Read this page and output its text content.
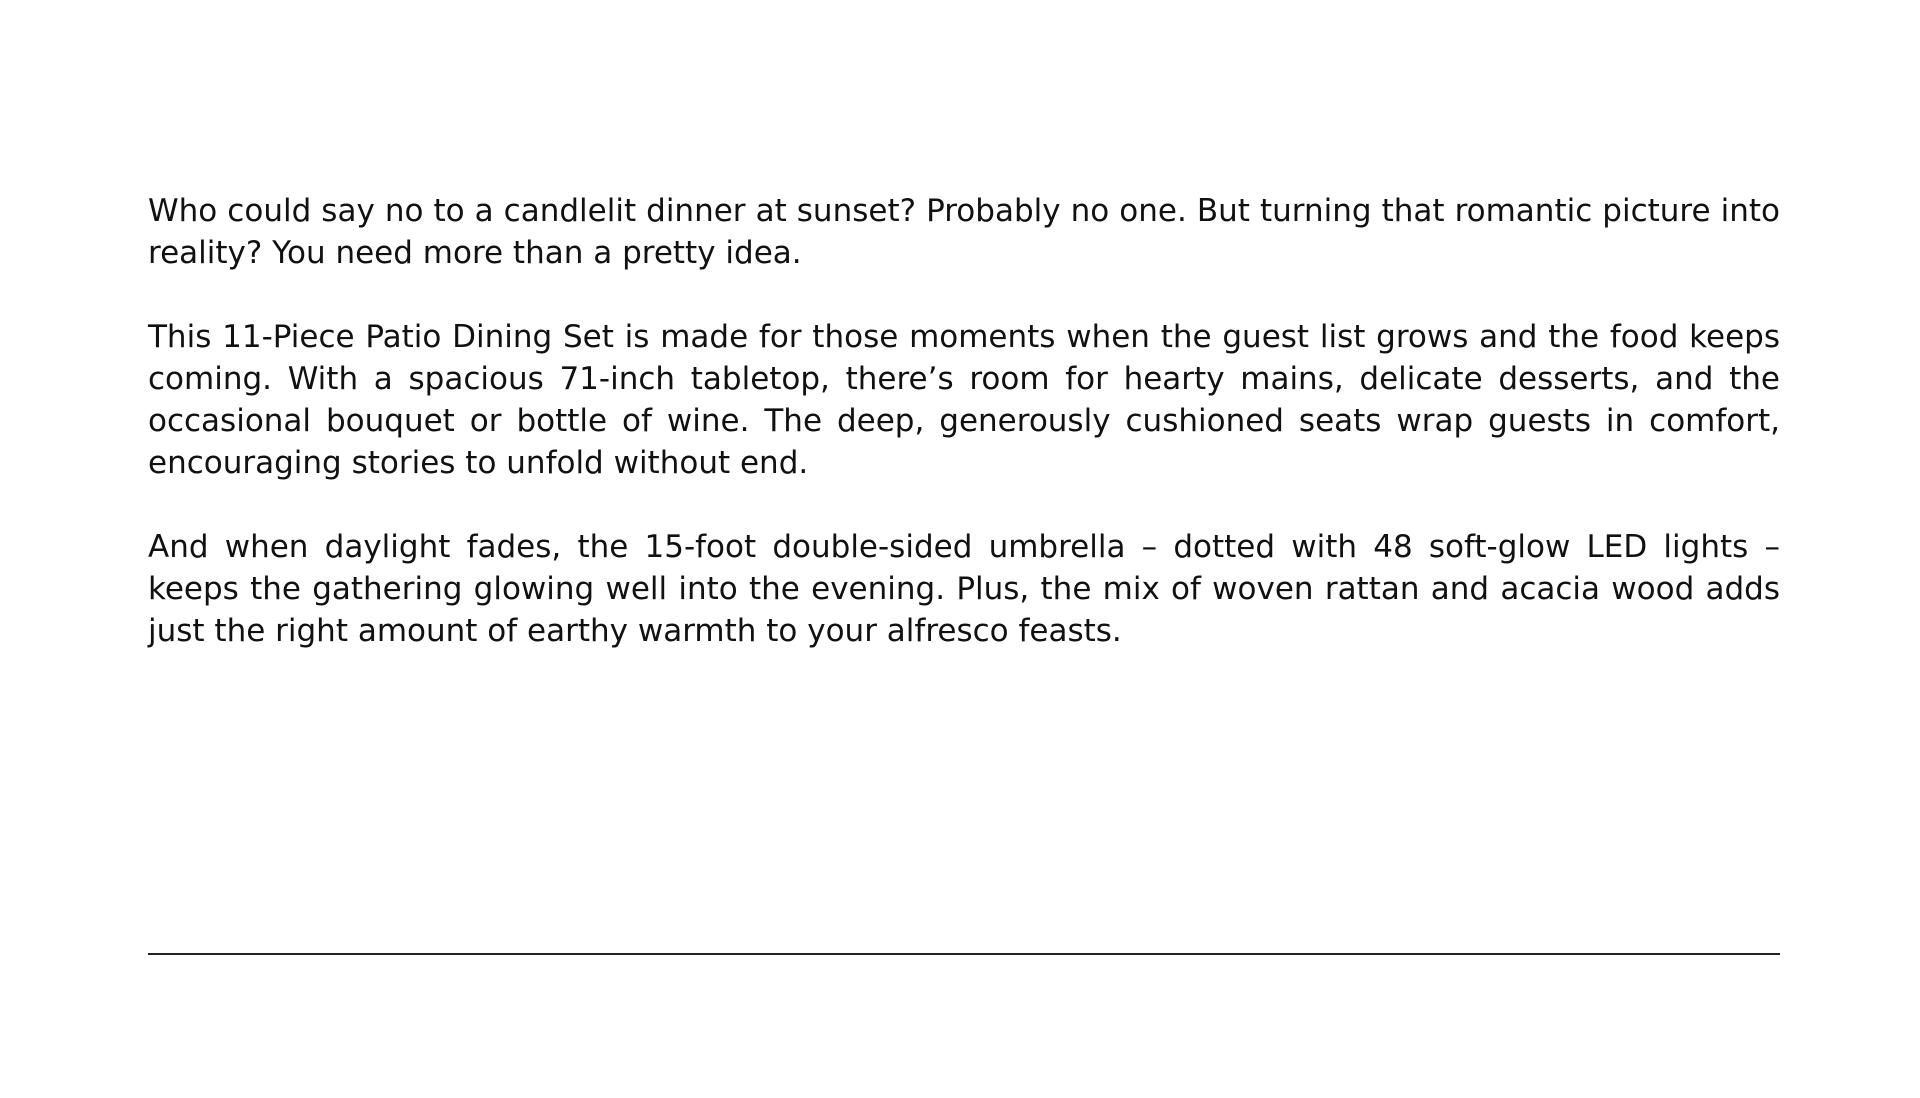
Who could say no to a candlelit dinner at sunset? Probably no one. But turning that romantic picture into reality? You need more than a pretty idea.

This 11-Piece Patio Dining Set is made for those moments when the guest list grows and the food keeps coming. With a spacious 71-inch tabletop, there’s room for hearty mains, delicate desserts, and the occasional bouquet or bottle of wine. The deep, generously cushioned seats wrap guests in comfort, encouraging stories to unfold without end.

And when daylight fades, the 15-foot double-sided umbrella – dotted with 48 soft-glow LED lights – keeps the gathering glowing well into the evening. Plus, the mix of woven rattan and acacia wood adds just the right amount of earthy warmth to your alfresco feasts.
